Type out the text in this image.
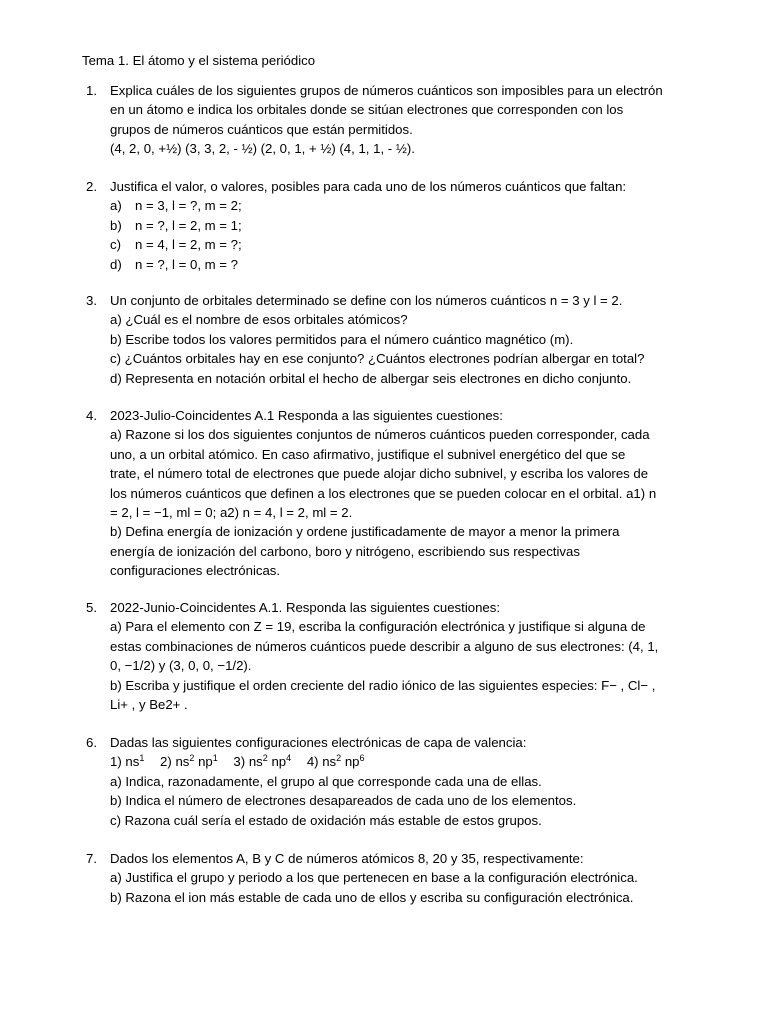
Tema 1. El átomo y el sistema periódico
1. Explica cuáles de los siguientes grupos de números cuánticos son imposibles para un electrón
en un átomo e indica los orbitales donde se sitúan electrones que corresponden con los
grupos de números cuánticos que están permitidos.
(4, 2, 0, +½) (3, 3, 2, - ½) (2, 0, 1, + ½) (4, 1, 1, - ½).
2. Justifica el valor, o valores, posibles para cada uno de los números cuánticos que faltan:
a) n = 3, l = ?, m = 2;
b) n = ?, l = 2, m = 1;
c) n = 4, l = 2, m = ?;
d) n = ?, l = 0, m = ?
3. Un conjunto de orbitales determinado se define con los números cuánticos n = 3 y l = 2.
a) ¿Cuál es el nombre de esos orbitales atómicos?
b) Escribe todos los valores permitidos para el número cuántico magnético (m).
c) ¿Cuántos orbitales hay en ese conjunto? ¿Cuántos electrones podrían albergar en total?
d) Representa en notación orbital el hecho de albergar seis electrones en dicho conjunto.
4. 2023-Julio-Coincidentes A.1 Responda a las siguientes cuestiones:
a) Razone si los dos siguientes conjuntos de números cuánticos pueden corresponder, cada
uno, a un orbital atómico. En caso afirmativo, justifique el subnivel energético del que se
trate, el número total de electrones que puede alojar dicho subnivel, y escriba los valores de
los números cuánticos que definen a los electrones que se pueden colocar en el orbital. a1) n
= 2, l = −1, ml = 0; a2) n = 4, l = 2, ml = 2.
b) Defina energía de ionización y ordene justificadamente de mayor a menor la primera
energía de ionización del carbono, boro y nitrógeno, escribiendo sus respectivas
configuraciones electrónicas.
5. 2022-Junio-Coincidentes A.1. Responda las siguientes cuestiones:
a) Para el elemento con Z = 19, escriba la configuración electrónica y justifique si alguna de
estas combinaciones de números cuánticos puede describir a alguno de sus electrones: (4, 1,
0, −1/2) y (3, 0, 0, −1/2).
b) Escriba y justifique el orden creciente del radio iónico de las siguientes especies: F− , Cl− ,
Li+ , y Be2+ .
6. Dadas las siguientes configuraciones electrónicas de capa de valencia:
1) $ns^1$ 2) $ns^2$ $np^1$ 3) $ns^2$ $np^4$ 4) $ns^2$ $np^6$
a) Indica, razonadamente, el grupo al que corresponde cada una de ellas.
b) Indica el número de electrones desapareados de cada uno de los elementos.
c) Razona cuál sería el estado de oxidación más estable de estos grupos.
7. Dados los elementos A, B y C de números atómicos 8, 20 y 35, respectivamente:
a) Justifica el grupo y periodo a los que pertenecen en base a la configuración electrónica.
b) Razona el ion más estable de cada uno de ellos y escriba su configuración electrónica.
